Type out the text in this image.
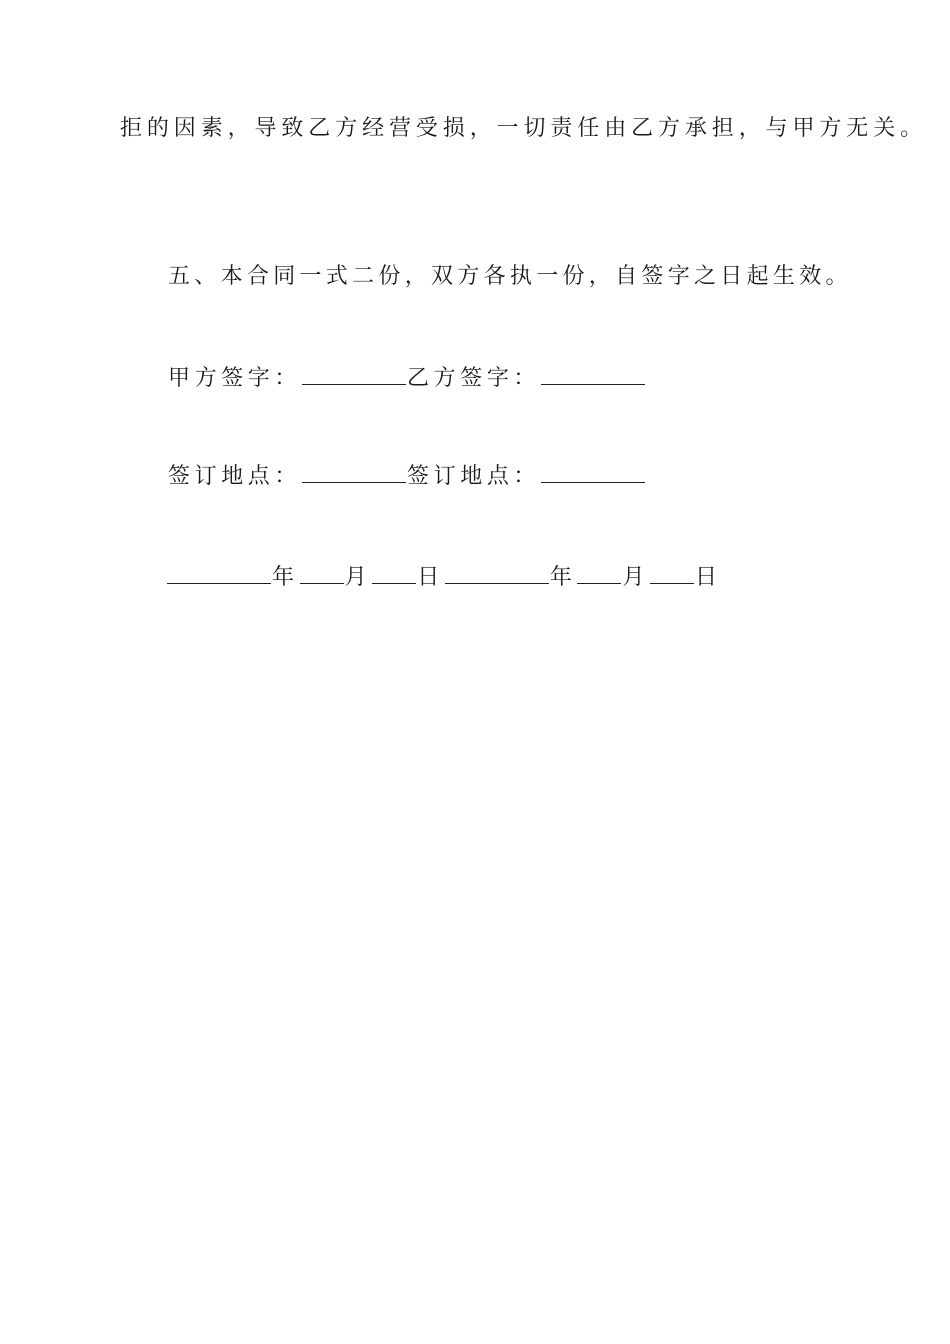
拒的因素，导致乙方经营受损，一切责任由乙方承担，与甲方无关。
五、本合同一式二份，双方各执一份，自签字之日起生效。
甲方签字：	乙方签字：
签订地点：	签订地点：
年 月 日	年 月 日
